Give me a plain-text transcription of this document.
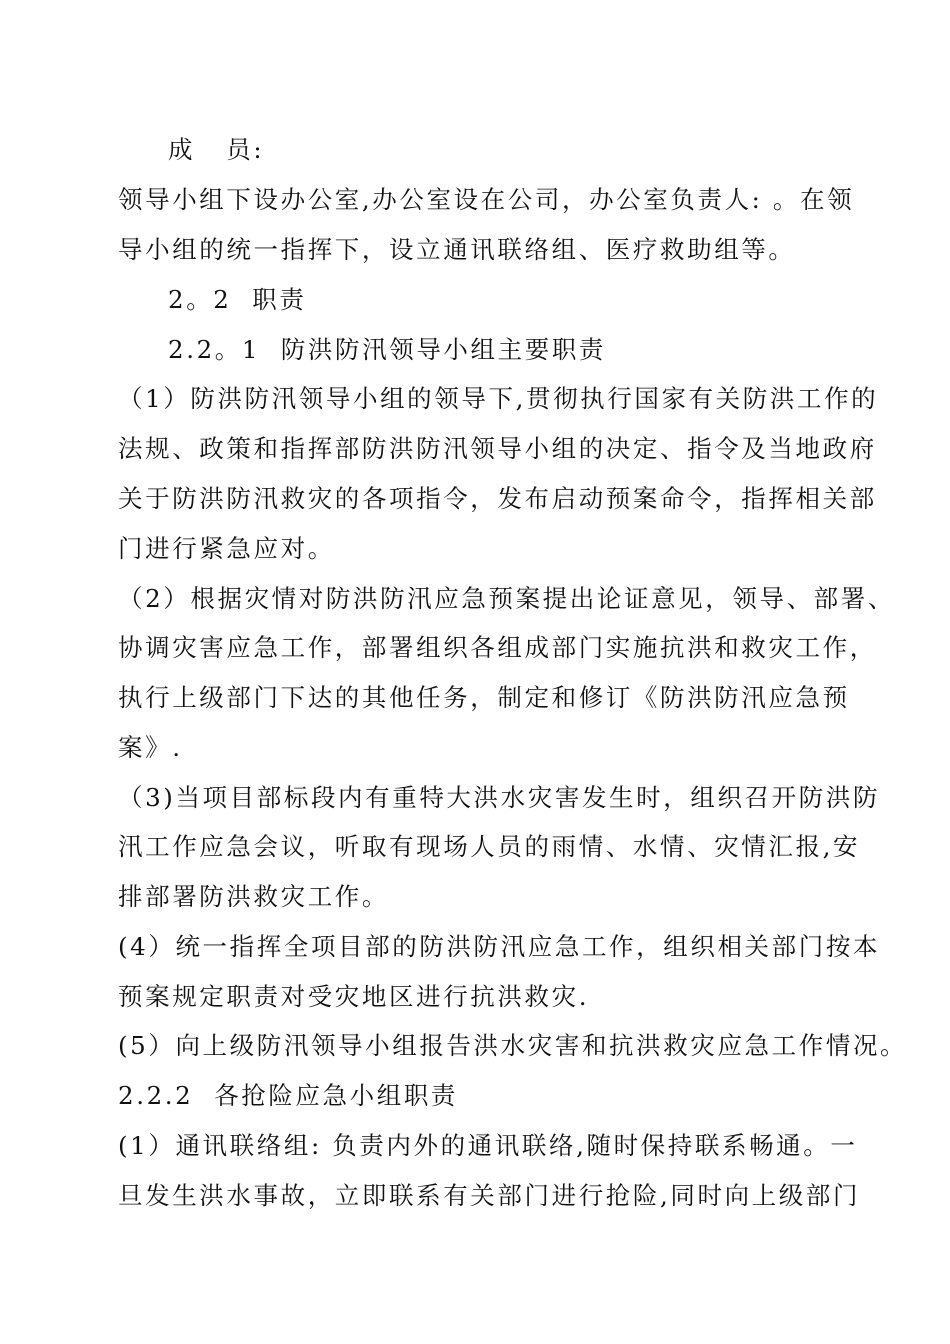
成   员:
领导小组下设办公室,办公室设在公司，办公室负责人: 。在领
导小组的统一指挥下，设立通讯联络组、医疗救助组等。
2。2  职责
2.2。1  防洪防汛领导小组主要职责
（1）防洪防汛领导小组的领导下,贯彻执行国家有关防洪工作的
法规、政策和指挥部防洪防汛领导小组的决定、指令及当地政府
关于防洪防汛救灾的各项指令，发布启动预案命令，指挥相关部
门进行紧急应对。
（2）根据灾情对防洪防汛应急预案提出论证意见，领导、部署、
协调灾害应急工作，部署组织各组成部门实施抗洪和救灾工作，
执行上级部门下达的其他任务，制定和修订《防洪防汛应急预
案》.
（3)当项目部标段内有重特大洪水灾害发生时，组织召开防洪防
汛工作应急会议，听取有现场人员的雨情、水情、灾情汇报,安
排部署防洪救灾工作。
(4）统一指挥全项目部的防洪防汛应急工作，组织相关部门按本
预案规定职责对受灾地区进行抗洪救灾.
(5）向上级防汛领导小组报告洪水灾害和抗洪救灾应急工作情况。
2.2.2  各抢险应急小组职责
(1）通讯联络组: 负责内外的通讯联络,随时保持联系畅通。一
旦发生洪水事故，立即联系有关部门进行抢险,同时向上级部门
